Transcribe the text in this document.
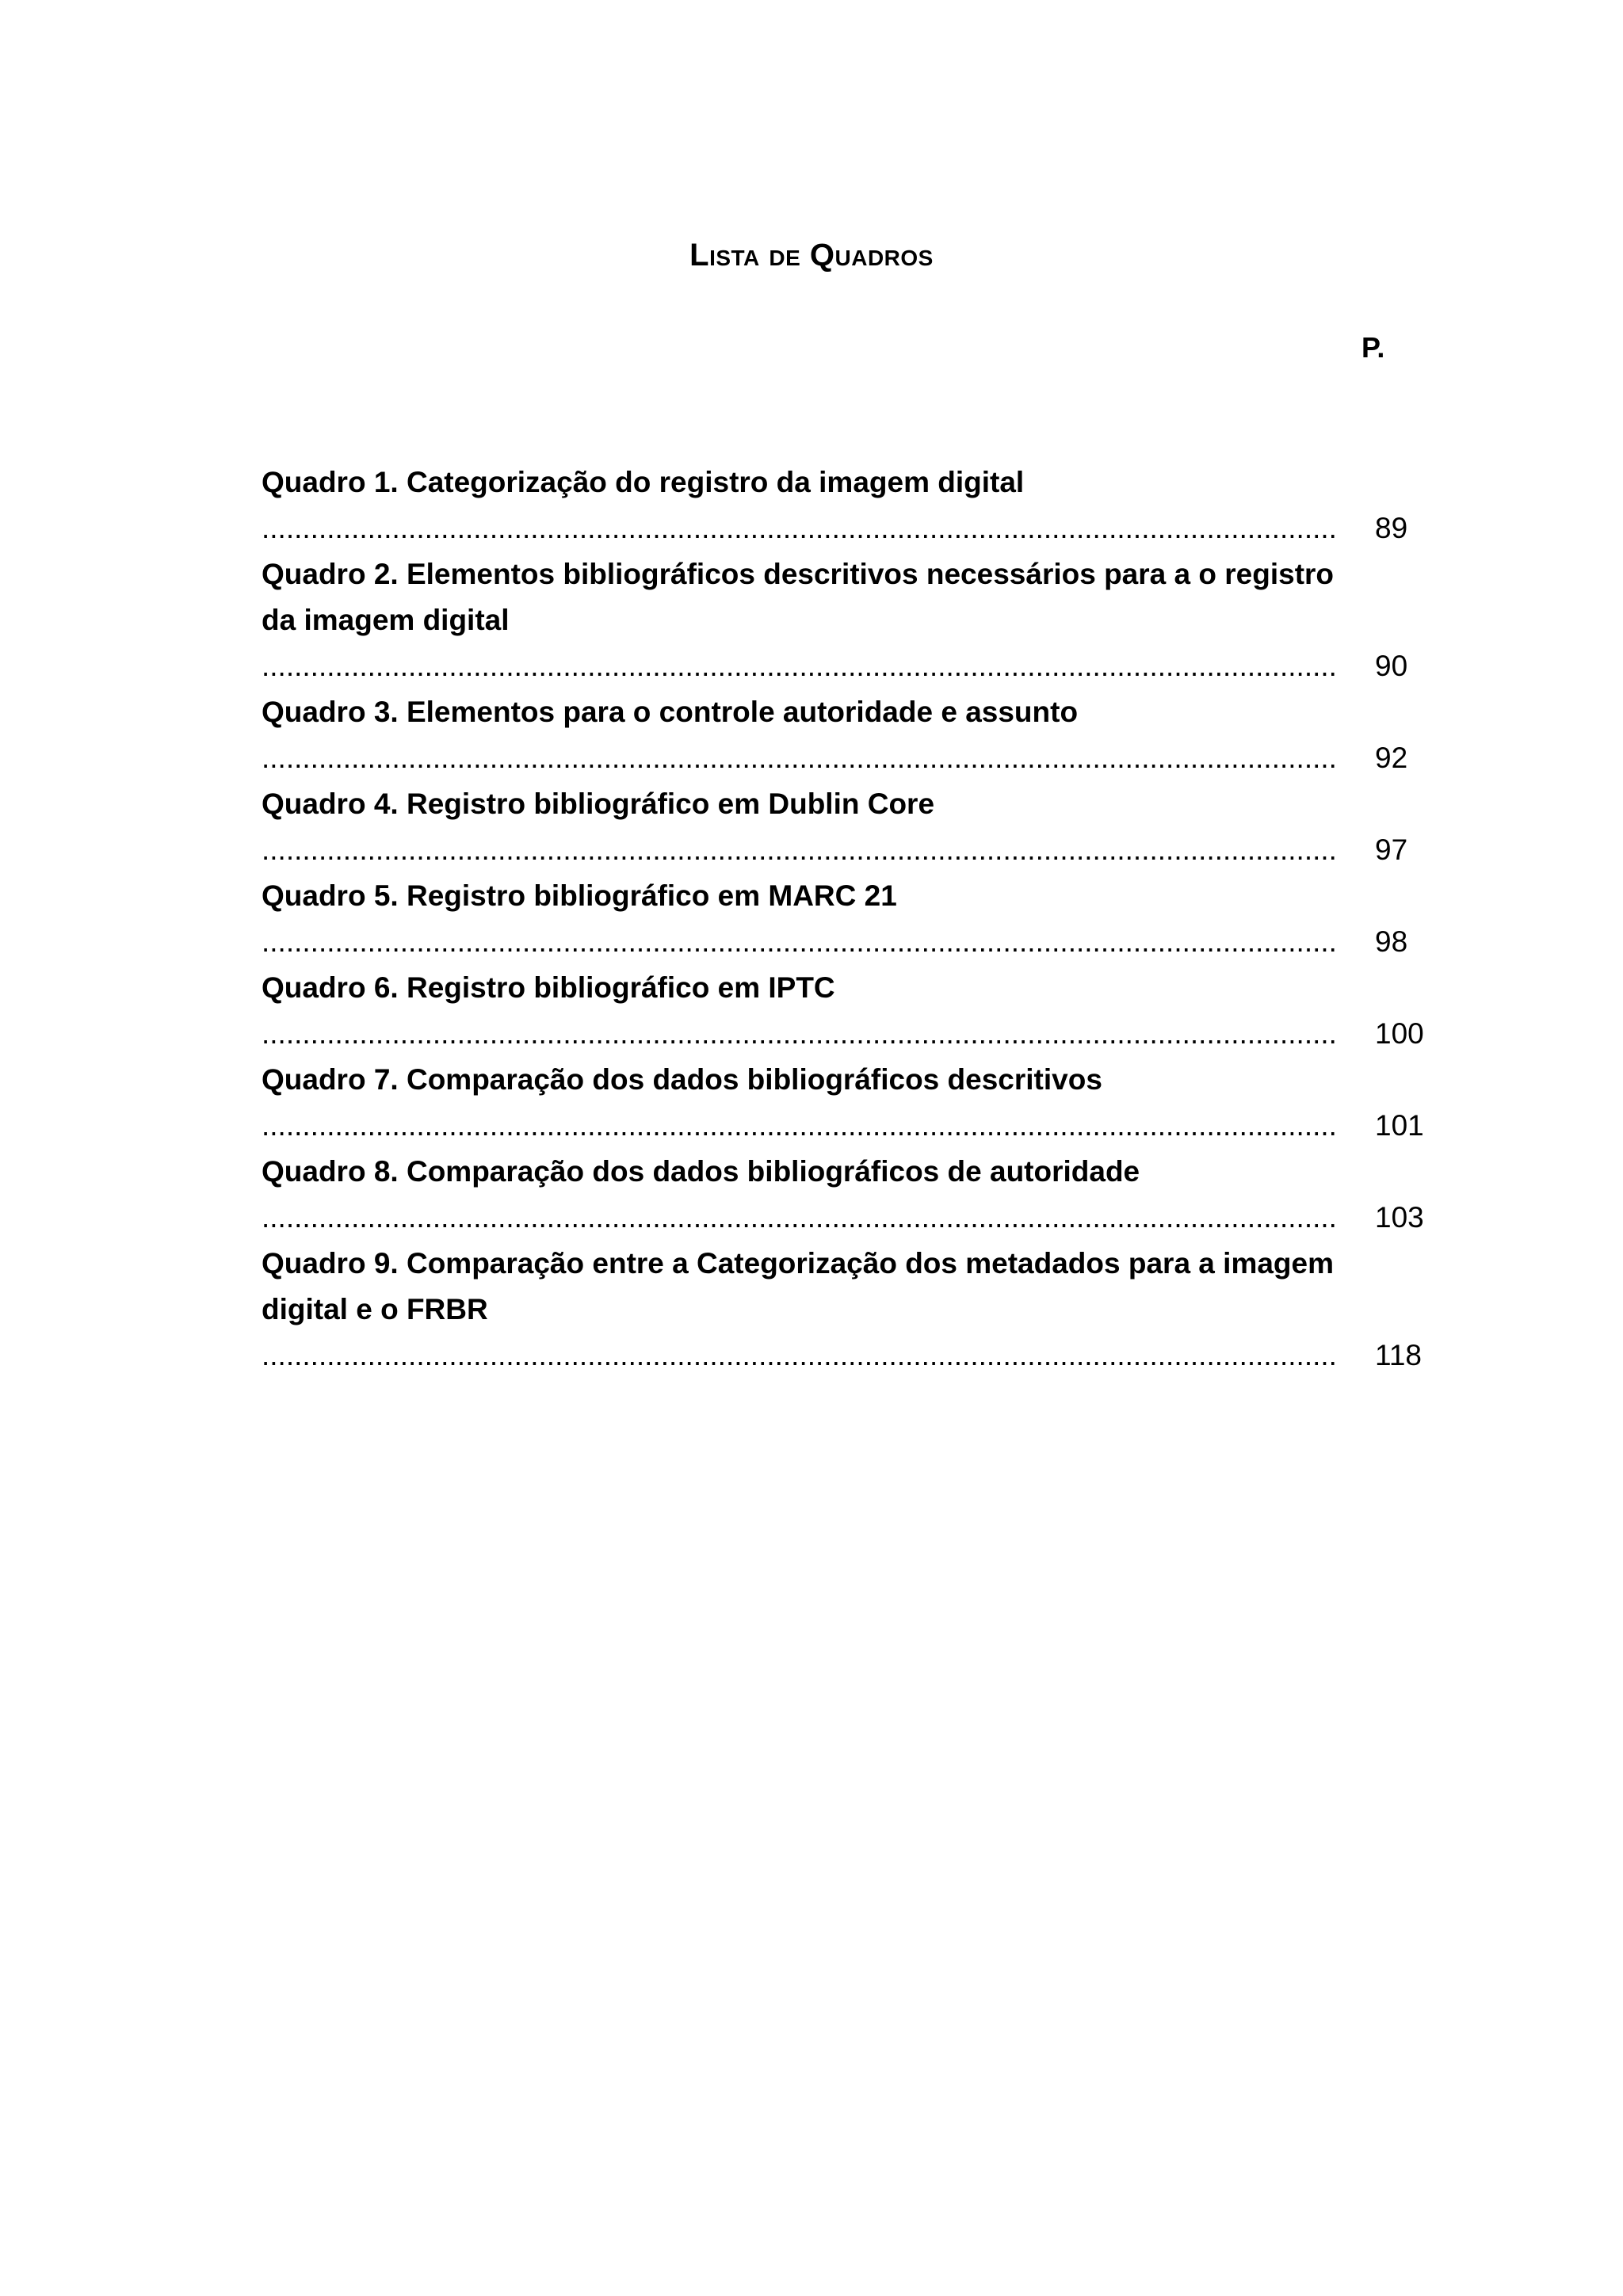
Lista de Quadros
P.
Quadro 1. Categorização do registro da imagem digital .....
89
Quadro 2. Elementos bibliográficos descritivos necessários para a o registro da imagem digital .....
90
Quadro 3. Elementos para o controle autoridade e assunto .....
92
Quadro 4. Registro bibliográfico em Dublin Core .....
97
Quadro 5. Registro bibliográfico em MARC 21 .....
98
Quadro 6. Registro bibliográfico em IPTC .....
100
Quadro 7. Comparação dos dados bibliográficos descritivos .....
101
Quadro 8. Comparação dos dados bibliográficos de autoridade .....
103
Quadro 9. Comparação entre a Categorização dos metadados para a imagem digital e o FRBR .....
118
